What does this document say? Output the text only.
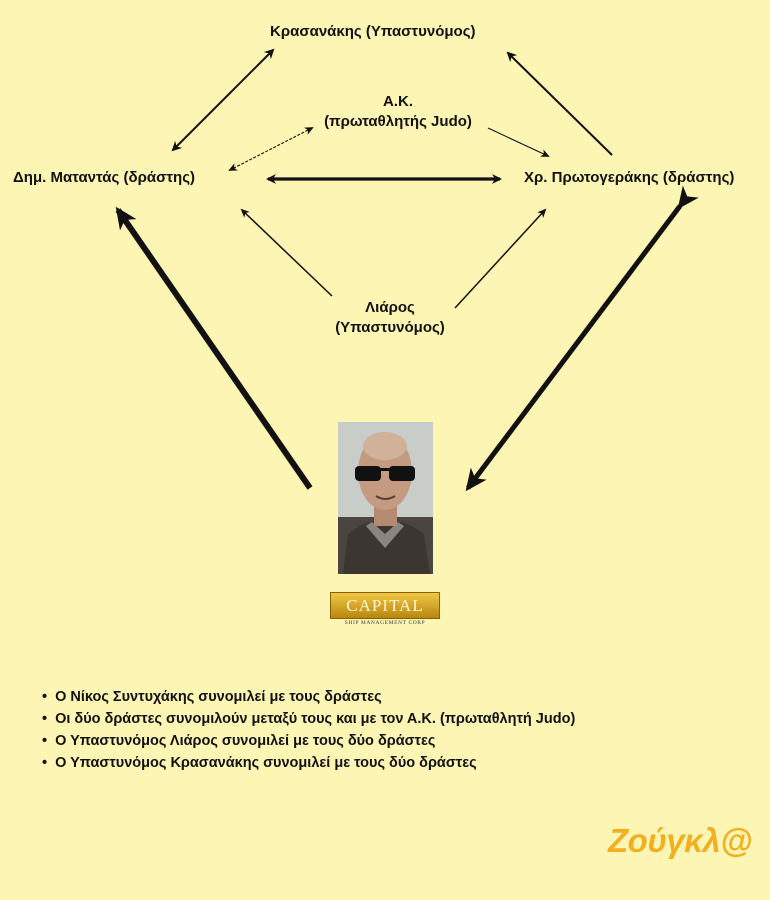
Κρασανάκης (Υπαστυνόμος)
Α.Κ.
(πρωταθλητής Judo)
Δημ. Ματαντάς (δράστης)	Χρ. Πρωτογεράκης (δράστης)
Λιάρος
(Υπαστυνόμος)
CAPITAL
SHIP MANAGEMENT CORP
• Ο Νίκος Συντυχάκης συνομιλεί με τους δράστες
• Οι δύο δράστες συνομιλούν μεταξύ τους και με τον Α.Κ. (πρωταθλητή Judo)
• Ο Υπαστυνόμος Λιάρος συνομιλεί με τους δύο δράστες
• Ο Υπαστυνόμος Κρασανάκης συνομιλεί με τους δύο δράστες
Ζούγκλ@
